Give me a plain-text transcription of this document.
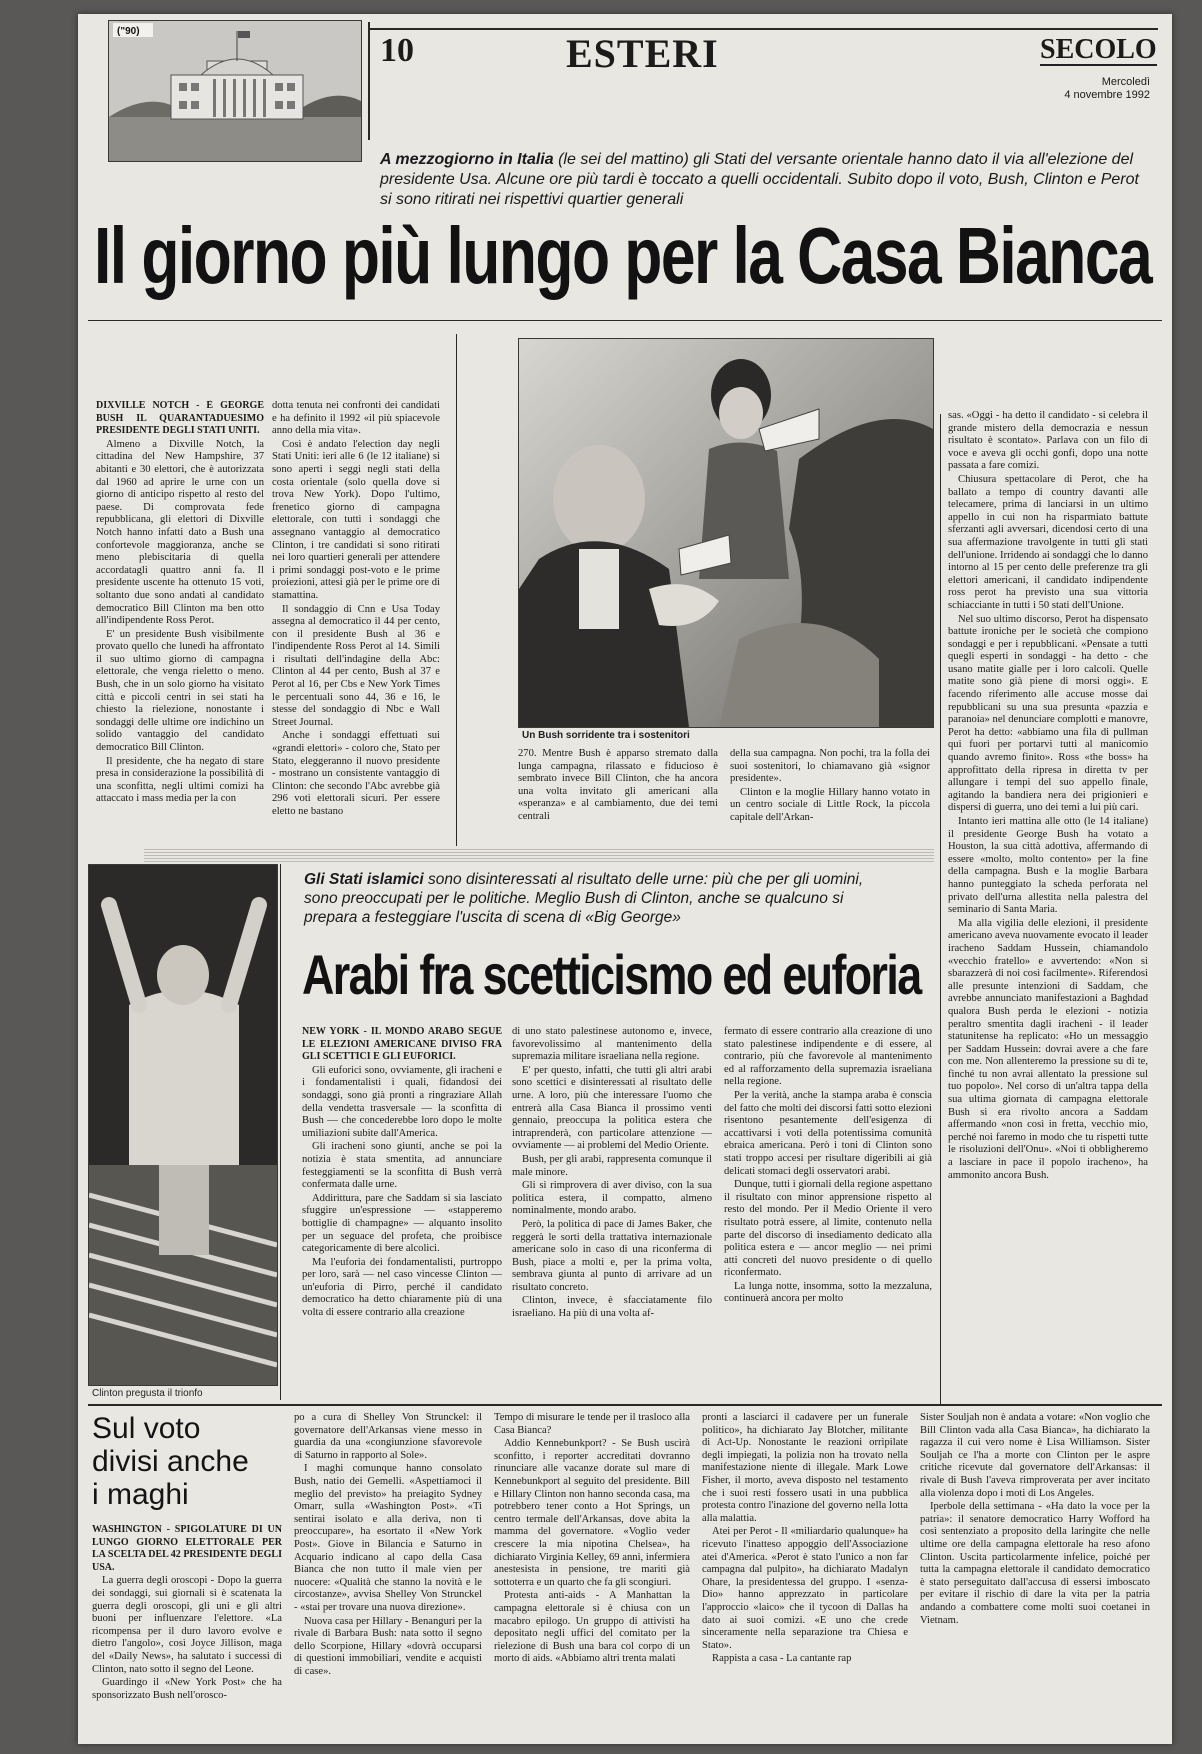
("90)
10	ESTERI	SECOLO
Mercoledì
4 novembre 1992
A mezzogiorno in Italia (le sei del mattino) gli Stati del versante orientale hanno dato il via all'elezione del presidente Usa. Alcune ore più tardi è toccato a quelli occidentali. Subito dopo il voto, Bush, Clinton e Perot si sono ritirati nei rispettivi quartier generali
Il giorno più lungo per la Casa Bianca

DIXVILLE NOTCH - È GEORGE BUSH IL QUARANTADUESIMO PRESIDENTE DEGLI STATI UNITI.

Almeno a Dixville Notch, la cittadina del New Hampshire, 37 abitanti e 30 elettori, che è autorizzata dal 1960 ad aprire le urne con un giorno di anticipo rispetto al resto del paese. Di comprovata fede repubblicana, gli elettori di Dixville Notch hanno infatti dato a Bush una confortevole maggioranza, anche se meno plebiscitaria di quella accordatagli quattro anni fa. Il presidente uscente ha ottenuto 15 voti, soltanto due sono andati al candidato democratico Bill Clinton ma ben otto all'indipendente Ross Perot.

E' un presidente Bush visibilmente provato quello che lunedì ha affrontato il suo ultimo giorno di campagna elettorale, che venga rieletto o meno. Bush, che in un solo giorno ha visitato città e piccoli centri in sei stati ha chiesto la rielezione, nonostante i sondaggi delle ultime ore indichino un solido vantaggio del candidato democratico Bill Clinton.

Il presidente, che ha negato di stare presa in considerazione la possibilità di una sconfitta, negli ultimi comizi ha attaccato i mass media per la con

dotta tenuta nei confronti dei candidati e ha definito il 1992 «il più spiacevole anno della mia vita».

Così è andato l'election day negli Stati Uniti: ieri alle 6 (le 12 italiane) si sono aperti i seggi negli stati della costa orientale (solo quella dove si trova New York). Dopo l'ultimo, frenetico giorno di campagna elettorale, con tutti i sondaggi che assegnano vantaggio al democratico Clinton, i tre candidati si sono ritirati nei loro quartieri generali per attendere i primi sondaggi post-voto e le prime proiezioni, attesi già per le prime ore di stamattina.

Il sondaggio di Cnn e Usa Today assegna al democratico il 44 per cento, con il presidente Bush al 36 e l'indipendente Ross Perot al 14. Simili i risultati dell'indagine della Abc: Clinton al 44 per cento, Bush al 37 e Perot al 16, per Cbs e New York Times le percentuali sono 44, 36 e 16, le stesse del sondaggio di Nbc e Wall Street Journal.

Anche i sondaggi effettuati sui «grandi elettori» - coloro che, Stato per Stato, eleggeranno il nuovo presidente - mostrano un consistente vantaggio di Clinton: che secondo l'Abc avrebbe già 296 voti elettorali sicuri. Per essere eletto ne bastano

Un Bush sorridente tra i sostenitori

270. Mentre Bush è apparso stremato dalla lunga campagna, rilassato e fiducioso è sembrato invece Bill Clinton, che ha ancora una volta invitato gli americani alla «speranza» e al cambiamento, due dei temi centrali

della sua campagna. Non pochi, tra la folla dei suoi sostenitori, lo chiamavano già «signor presidente».

Clinton e la moglie Hillary hanno votato in un centro sociale di Little Rock, la piccola capitale dell'Arkan-

sas. «Oggi - ha detto il candidato - si celebra il grande mistero della democrazia e nessun risultato è scontato». Parlava con un filo di voce e aveva gli occhi gonfi, dopo una notte passata a fare comizi.

Chiusura spettacolare di Perot, che ha ballato a tempo di country davanti alle telecamere, prima di lanciarsi in un ultimo appello in cui non ha risparmiato battute sferzanti agli avversari, dicendosi certo di una sua affermazione travolgente in tutti gli stati dell'unione. Irridendo ai sondaggi che lo danno intorno al 15 per cento delle preferenze tra gli elettori americani, il candidato indipendente ross perot ha previsto una sua vittoria schiacciante in tutti i 50 stati dell'Unione.

Nel suo ultimo discorso, Perot ha dispensato battute ironiche per le società che compiono sondaggi e per i repubblicani. «Pensate a tutti quegli esperti in sondaggi - ha detto - che usano matite gialle per i loro calcoli. Quelle matite sono già piene di morsi oggi». E facendo riferimento alle accuse mosse dai repubblicani su una sua presunta «pazzia e paranoia» nel denunciare complotti e manovre, Perot ha detto: «abbiamo una fila di pullman qui fuori per portarvi tutti al manicomio quando avremo finito». Ross «the boss» ha approfittato della ripresa in diretta tv per allungare i tempi del suo appello finale, agitando la bandiera nera dei prigionieri e dispersi di guerra, uno dei temi a lui più cari.

Intanto ieri mattina alle otto (le 14 italiane) il presidente George Bush ha votato a Houston, la sua città adottiva, affermando di essere «molto, molto contento» per la fine della campagna. Bush e la moglie Barbara hanno punteggiato la scheda perforata nel privato dell'urna allestita nella palestra del seminario di Santa Maria.

Ma alla vigilia delle elezioni, il presidente americano aveva nuovamente evocato il leader iracheno Saddam Hussein, chiamandolo «vecchio fratello» e avvertendo: «Non si sbarazzerà di noi così facilmente». Riferendosi alle presunte intenzioni di Saddam, che avrebbe annunciato manifestazioni a Baghdad qualora Bush perda le elezioni - notizia peraltro smentita dagli iracheni - il leader statunitense ha replicato: «Ho un messaggio per Saddam Hussein: dovrai avere a che fare con me. Non allenteremo la pressione su di te, finché tu non avrai allentato la pressione sul tuo popolo». Nel corso di un'altra tappa della sua ultima giornata di campagna elettorale Bush si era rivolto ancora a Saddam affermando «non così in fretta, vecchio mio, perché noi faremo in modo che tu rispetti tutte le risoluzioni dell'Onu». «Noi ti obbligheremo a lasciare in pace il popolo iracheno», ha ammonito ancora Bush.

Clinton pregusta il trionfo
Gli Stati islamici sono disinteressati al risultato delle urne: più che per gli uomini, sono preoccupati per le politiche. Meglio Bush di Clinton, anche se qualcuno si prepara a festeggiare l'uscita di scena di «Big George»
Arabi fra scetticismo ed euforia

NEW YORK - IL MONDO ARABO SEGUE LE ELEZIONI AMERICANE DIVISO FRA GLI SCETTICI E GLI EUFORICI.

Gli euforici sono, ovviamente, gli iracheni e i fondamentalisti i quali, fidandosi dei sondaggi, sono già pronti a ringraziare Allah della vendetta trasversale — la sconfitta di Bush — che concederebbe loro dopo le molte umiliazioni subite dall'America.

Gli iracheni sono giunti, anche se poi la notizia è stata smentita, ad annunciare festeggiamenti se la sconfitta di Bush verrà confermata dalle urne.

Addirittura, pare che Saddam si sia lasciato sfuggire un'espressione — «stapperemo bottiglie di champagne» — alquanto insolito per un seguace del profeta, che proibisce categoricamente di bere alcolici.

Ma l'euforia dei fondamentalisti, purtroppo per loro, sarà — nel caso vincesse Clinton — un'euforia di Pirro, perché il candidato democratico ha detto chiaramente più di una volta di essere contrario alla creazione

di uno stato palestinese autonomo e, invece, favorevolissimo al mantenimento della supremazia militare israeliana nella regione.

E' per questo, infatti, che tutti gli altri arabi sono scettici e disinteressati al risultato delle urne. A loro, più che interessare l'uomo che entrerà alla Casa Bianca il prossimo venti gennaio, preoccupa la politica estera che intraprenderà, con particolare attenzione — ovviamente — ai problemi del Medio Oriente.

Bush, per gli arabi, rappresenta comunque il male minore.

Gli si rimprovera di aver diviso, con la sua politica estera, il compatto, almeno nominalmente, mondo arabo.

Però, la politica di pace di James Baker, che reggerà le sorti della trattativa internazionale americane solo in caso di una riconferma di Bush, piace a molti e, per la prima volta, sembrava giunta al punto di arrivare ad un risultato concreto.

Clinton, invece, è sfacciatamente filo israeliano. Ha più di una volta af-

fermato di essere contrario alla creazione di uno stato palestinese indipendente e di essere, al contrario, più che favorevole al mantenimento ed al rafforzamento della supremazia israeliana nella regione.

Per la verità, anche la stampa araba è conscia del fatto che molti dei discorsi fatti sotto elezioni risentono pesantemente dell'esigenza di accattivarsi i voti della potentissima comunità ebraica americana. Però i toni di Clinton sono stati troppo accesi per risultare digeribili ai già delicati stomaci degli osservatori arabi.

Dunque, tutti i giornali della regione aspettano il risultato con minor apprensione rispetto al resto del mondo. Per il Medio Oriente il vero risultato potrà essere, al limite, contenuto nella parte del discorso di insediamento dedicato alla politica estera e — ancor meglio — nei primi atti concreti del nuovo presidente o di quello riconfermato.

La lunga notte, insomma, sotto la mezzaluna, continuerà ancora per molto

Sul voto
divisi anche
i maghi

WASHINGTON - SPIGOLATURE DI UN LUNGO GIORNO ELETTORALE PER LA SCELTA DEL 42 PRESIDENTE DEGLI USA.

La guerra degli oroscopi - Dopo la guerra dei sondaggi, sui giornali si è scatenata la guerra degli oroscopi, gli uni e gli altri buoni per influenzare l'elettore. «La ricompensa per il duro lavoro evolve e dietro l'angolo», così Joyce Jillison, maga del «Daily News», ha salutato i successi di Clinton, nato sotto il segno del Leone.

Guardingo il «New York Post» che ha sponsorizzato Bush nell'orosco-

po a cura di Shelley Von Strunckel: il governatore dell'Arkansas viene messo in guardia da una «congiunzione sfavorevole di Saturno in rapporto al Sole».

I maghi comunque hanno consolato Bush, natio dei Gemelli. «Aspettiamoci il meglio del previsto» ha preiagito Sydney Omarr, sulla «Washington Post». «Ti sentirai isolato e alla deriva, non ti preoccupare», ha esortato il «New York Post». Giove in Bilancia e Saturno in Acquario indicano al capo della Casa Bianca che non tutto il male vien per nuocere: «Qualità che stanno la novità e le circostanze», avvisa Shelley Von Strunckel - «stai per trovare una nuova direzione».

Nuova casa per Hillary - Benanguri per la rivale di Barbara Bush: nata sotto il segno dello Scorpione, Hillary «dovrà occuparsi di questioni immobiliari, vendite e acquisti di case».

Tempo di misurare le tende per il trasloco alla Casa Bianca?

Addio Kennebunkport? - Se Bush uscirà sconfitto, i reporter accreditati dovranno rinunciare alle vacanze dorate sul mare di Kennebunkport al seguito del presidente. Bill e Hillary Clinton non hanno seconda casa, ma potrebbero tener conto a Hot Springs, un centro termale dell'Arkansas, dove abita la mamma del governatore. «Voglio veder crescere la mia nipotina Chelsea», ha dichiarato Virginia Kelley, 69 anni, infermiera anestesista in pensione, tre mariti già sottoterra e un quarto che fa gli scongiuri.

Protesta anti-aids - A Manhattan la campagna elettorale si è chiusa con un macabro epilogo. Un gruppo di attivisti ha depositato negli uffici del comitato per la rielezione di Bush una bara col corpo di un morto di aids. «Abbiamo altri trenta malati

pronti a lasciarci il cadavere per un funerale politico», ha dichiarato Jay Blotcher, militante di Act-Up. Nonostante le reazioni orripilate degli impiegati, la polizia non ha trovato nella manifestazione niente di illegale. Mark Lowe Fisher, il morto, aveva disposto nel testamento che i suoi resti fossero usati in una pubblica protesta contro l'inazione del governo nella lotta alla malattia.

Atei per Perot - Il «miliardario qualunque» ha ricevuto l'inatteso appoggio dell'Associazione atei d'America. «Perot è stato l'unico a non far campagna dal pulpito», ha dichiarato Madalyn Ohare, la presidentessa del gruppo. I «senza-Dio» hanno apprezzato in particolare l'approccio «laico» che il tycoon di Dallas ha dato ai suoi comizi. «E uno che crede sinceramente nella separazione tra Chiesa e Stato».

Rappista a casa - La cantante rap

Sister Souljah non è andata a votare: «Non voglio che Bill Clinton vada alla Casa Bianca», ha dichiarato la ragazza il cui vero nome è Lisa Williamson. Sister Souljah ce l'ha a morte con Clinton per le aspre critiche ricevute dal governatore dell'Arkansas: il rivale di Bush l'aveva rimproverata per aver incitato alla violenza dopo i moti di Los Angeles.

Iperbole della settimana - «Ha dato la voce per la patria»: il senatore democratico Harry Wofford ha così sentenziato a proposito della laringite che nelle ultime ore della campagna elettorale ha reso afono Clinton. Uscita particolarmente infelice, poiché per tutta la campagna elettorale il candidato democratico è stato perseguitato dall'accusa di essersi imboscato per evitare il rischio di dare la vita per la patria andando a combattere come molti suoi coetanei in Vietnam.
